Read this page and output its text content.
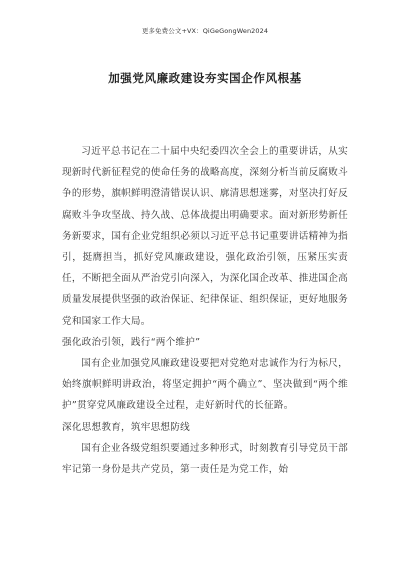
更多免费公文+VX：QiGeGongWen2024
加强党风廉政建设夯实国企作风根基

习近平总书记在二十届中央纪委四次全会上的重要讲话，从实现新时代新征程党的使命任务的战略高度，深刻分析当前反腐败斗争的形势，旗帜鲜明澄清错误认识、廓清思想迷雾，对坚决打好反腐败斗争攻坚战、持久战、总体战提出明确要求。面对新形势新任务新要求，国有企业党组织必须以习近平总书记重要讲话精神为指引，挺膺担当，抓好党风廉政建设，强化政治引领，压紧压实责任，不断把全面从严治党引向深入，为深化国企改革、推进国企高质量发展提供坚强的政治保证、纪律保证、组织保证，更好地服务党和国家工作大局。

强化政治引领，践行“两个维护”

国有企业加强党风廉政建设要把对党绝对忠诚作为行为标尺，始终旗帜鲜明讲政治，将坚定拥护“两个确立”、坚决做到“两个维护”贯穿党风廉政建设全过程，走好新时代的长征路。

深化思想教育，筑牢思想防线

国有企业各级党组织要通过多种形式，时刻教育引导党员干部牢记第一身份是共产党员，第一责任是为党工作，始
